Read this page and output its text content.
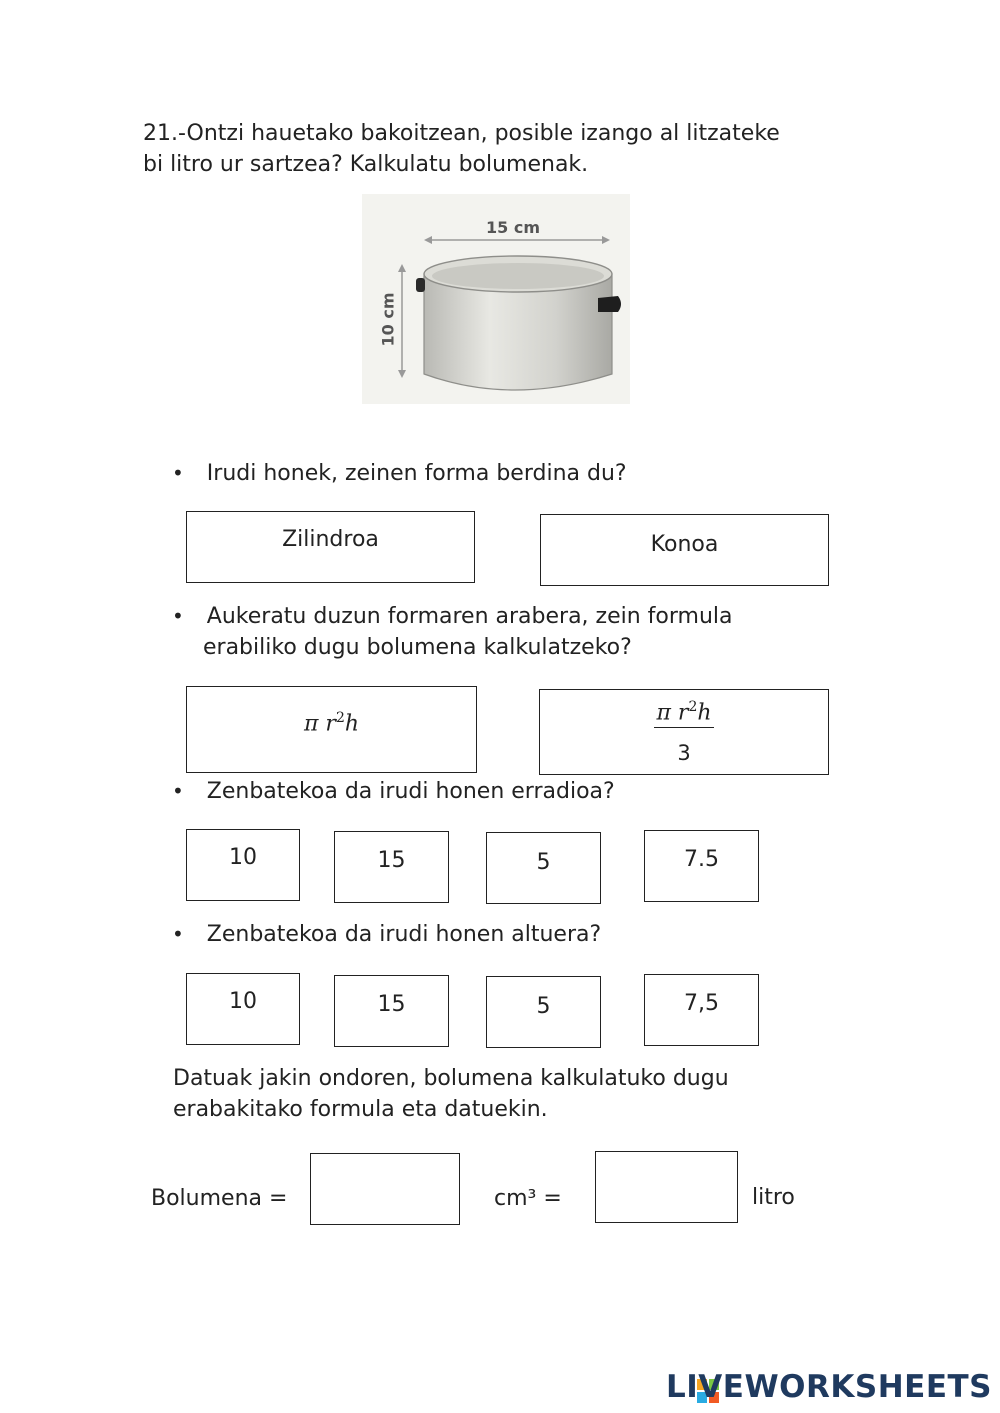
21.-Ontzi hauetako bakoitzean, posible izango al litzateke
bi litro ur sartzea? Kalkulatu bolumenak.
15 cm
10 cm
• Irudi honek, zeinen forma berdina du?
Zilindroa	Konoa
• Aukeratu duzun formaren arabera, zein formula
erabiliko dugu bolumena kalkulatzeko?
π $r^2h$	π $r^2h$
3
• Zenbatekoa da irudi honen erradioa?
10	15	5	7.5
• Zenbatekoa da irudi honen altuera?
10	15	5	7,5
Datuak jakin ondoren, bolumena kalkulatuko dugu
erabakitako formula eta datuekin.
Bolumena =	cm³ =	litro
LIVEWORKSHEETS
